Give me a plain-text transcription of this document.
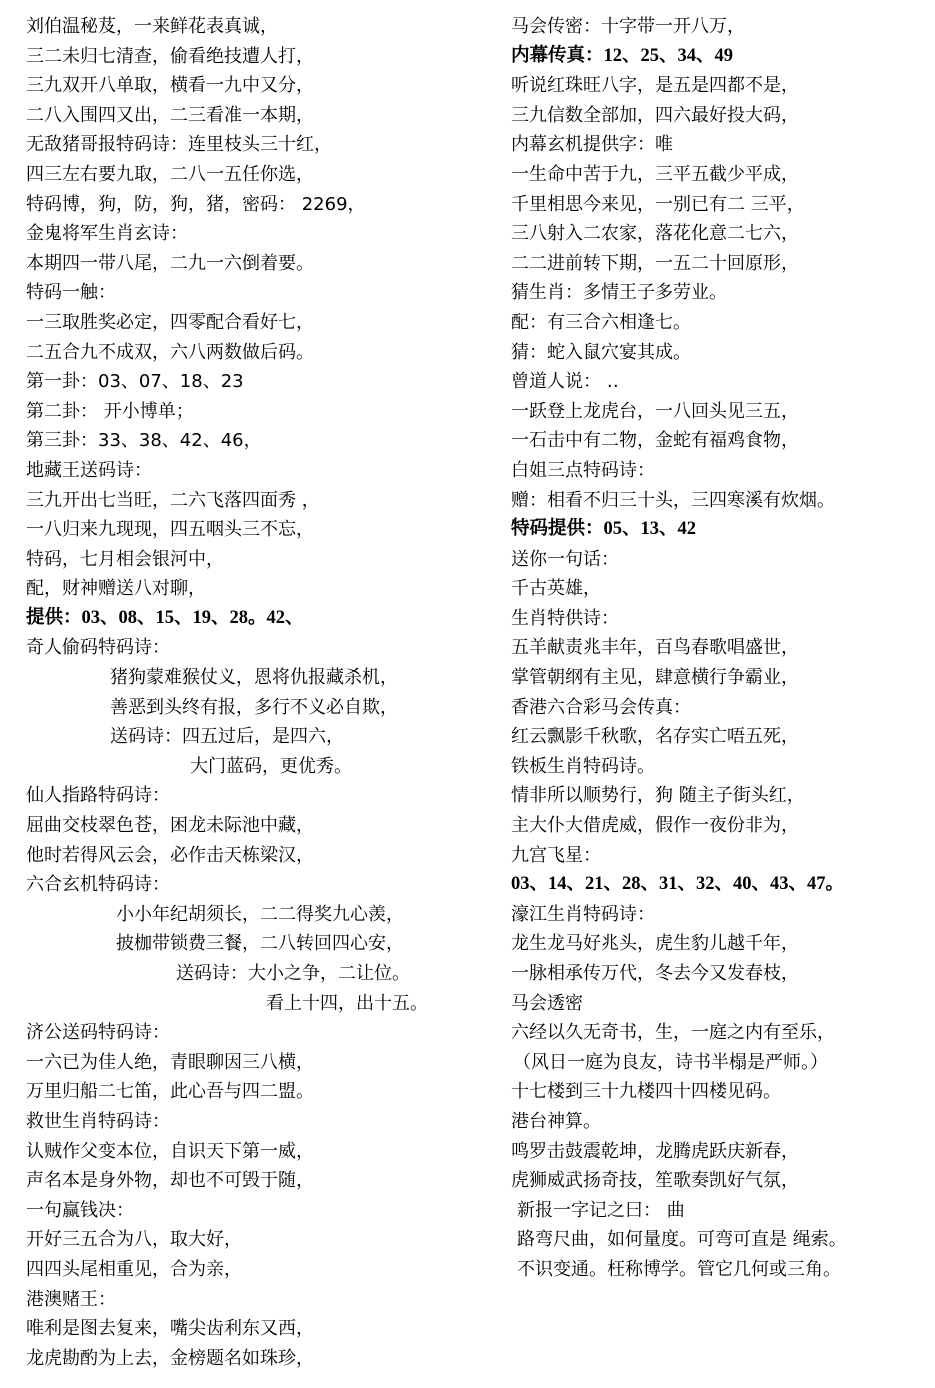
刘伯温秘芨，一来鲜花表真诚，
三二未归七清查，偷看绝技遭人打，
三九双开八单取，横看一九中又分，
二八入围四又出，二三看准一本期，
无敌猪哥报特码诗：连里枝头三十红，
四三左右要九取，二八一五任你选，
特码博，狗，防，狗，猪，密码： 2269，
金鬼将军生肖玄诗：
本期四一带八尾，二九一六倒着要。
特码一触：
一三取胜奖必定，四零配合看好七，
二五合九不成双，六八两数做后码。
第一卦：03、07、18、23
第二卦： 开小博单；
第三卦：33、38、42、46，
地藏王送码诗：
三九开出七当旺，二六飞落四面秀 ，
一八归来九现现，四五咽头三不忘，
特码，七月相会银河中，
配，财神赠送八对聊，
提供：03、08、15、19、28。42、
奇人偷码特码诗：
猪狗蒙难猴仗义，恩将仇报藏杀机，
善恶到头终有报，多行不义必自欺，
送码诗：四五过后，是四六，
大门蓝码，更优秀。
仙人指路特码诗：
屈曲交枝翠色苍，困龙未际池中藏，
他时若得风云会，必作击天栋梁汉，
六合玄机特码诗：
小小年纪胡须长，二二得奖九心羡，
披枷带锁费三餐，二八转回四心安，
送码诗：大小之争，二让位。
看上十四，出十五。
济公送码特码诗：
一六已为佳人绝，青眼聊因三八横，
万里归船二七笛，此心吾与四二盟。
救世生肖特码诗：
认贼作父变本位，自识天下第一威，
声名本是身外物，却也不可毁于随，
一句赢钱决：
开好三五合为八，取大好，
四四头尾相重见，合为亲，
港澳赌王：
唯利是图去复来，嘴尖齿利东又西，
龙虎勘酌为上去，金榜题名如珠珍，
马会传密：十字带一开八万，
内幕传真：12、25、34、49
听说红珠旺八字，是五是四都不是，
三九信数全部加，四六最好投大码，
内幕玄机提供字：唯
一生命中苦于九，三平五截少平成，
千里相思今来见，一别已有二 三平，
三八射入二农家，落花化意二七六，
二二进前转下期，一五二十回原形，
猜生肖：多情王子多劳业。
配：有三合六相逢七。
猜：蛇入鼠穴宴其成。
曾道人说： ‥
一跃登上龙虎台，一八回头见三五，
一石击中有二物，金蛇有福鸡食物，
白姐三点特码诗：
赠：相看不归三十头，三四寒溪有炊烟。
特码提供：05、13、42
送你一句话：
千古英雄，
生肖特供诗：
五羊献责兆丰年，百鸟春歌唱盛世，
掌管朝纲有主见，肆意横行争霸业，
香港六合彩马会传真：
红云飘影千秋歌，名存实亡唔五死，
铁板生肖特码诗。
情非所以顺势行，狗 随主子街头红，
主大仆大借虎威，假作一夜份非为，
九宫飞星：
03、14、21、28、31、32、40、43、47。
濠江生肖特码诗：
龙生龙马好兆头，虎生豹儿越千年，
一脉相承传万代，冬去今又发春枝，
马会透密
六经以久无奇书，生，一庭之内有至乐，
（风日一庭为良友，诗书半榻是严师。）
十七楼到三十九楼四十四楼见码。
港台神算。
鸣罗击鼓震乾坤，龙腾虎跃庆新春，
虎狮威武扬奇技，笙歌奏凯好气氛，
新报一字记之曰： 曲
路弯尺曲，如何量度。可弯可直是 绳索。
不识变通。枉称博学。管它几何或三角。
